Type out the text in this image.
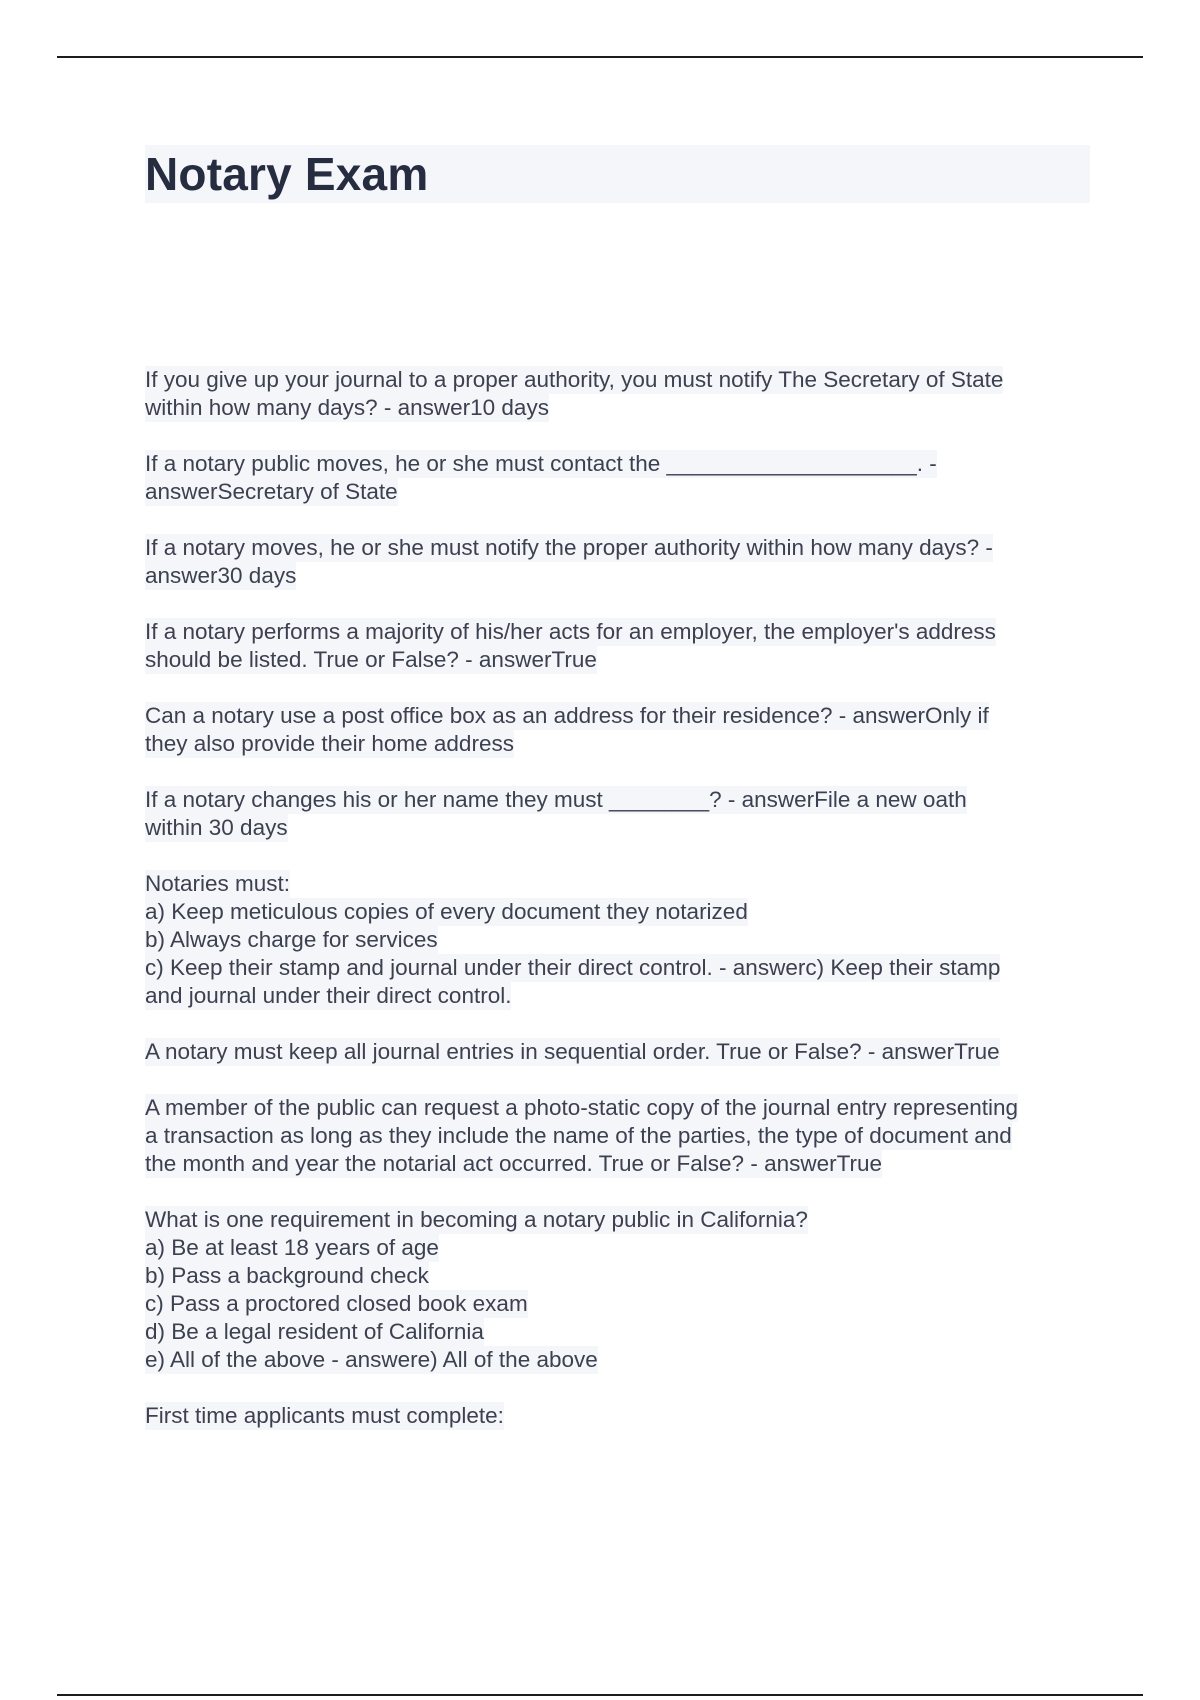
Notary Exam
If you give up your journal to a proper authority, you must notify The Secretary of State
within how many days? - answer10 days
If a notary public moves, he or she must contact the ____________________. -
answerSecretary of State
If a notary moves, he or she must notify the proper authority within how many days? -
answer30 days
If a notary performs a majority of his/her acts for an employer, the employer's address
should be listed. True or False? - answerTrue
Can a notary use a post office box as an address for their residence? - answerOnly if
they also provide their home address
If a notary changes his or her name they must ________? - answerFile a new oath
within 30 days
Notaries must:
a) Keep meticulous copies of every document they notarized
b) Always charge for services
c) Keep their stamp and journal under their direct control. - answerc) Keep their stamp
and journal under their direct control.
A notary must keep all journal entries in sequential order. True or False? - answerTrue
A member of the public can request a photo-static copy of the journal entry representing
a transaction as long as they include the name of the parties, the type of document and
the month and year the notarial act occurred. True or False? - answerTrue
What is one requirement in becoming a notary public in California?
a) Be at least 18 years of age
b) Pass a background check
c) Pass a proctored closed book exam
d) Be a legal resident of California
e) All of the above - answere) All of the above
First time applicants must complete:
